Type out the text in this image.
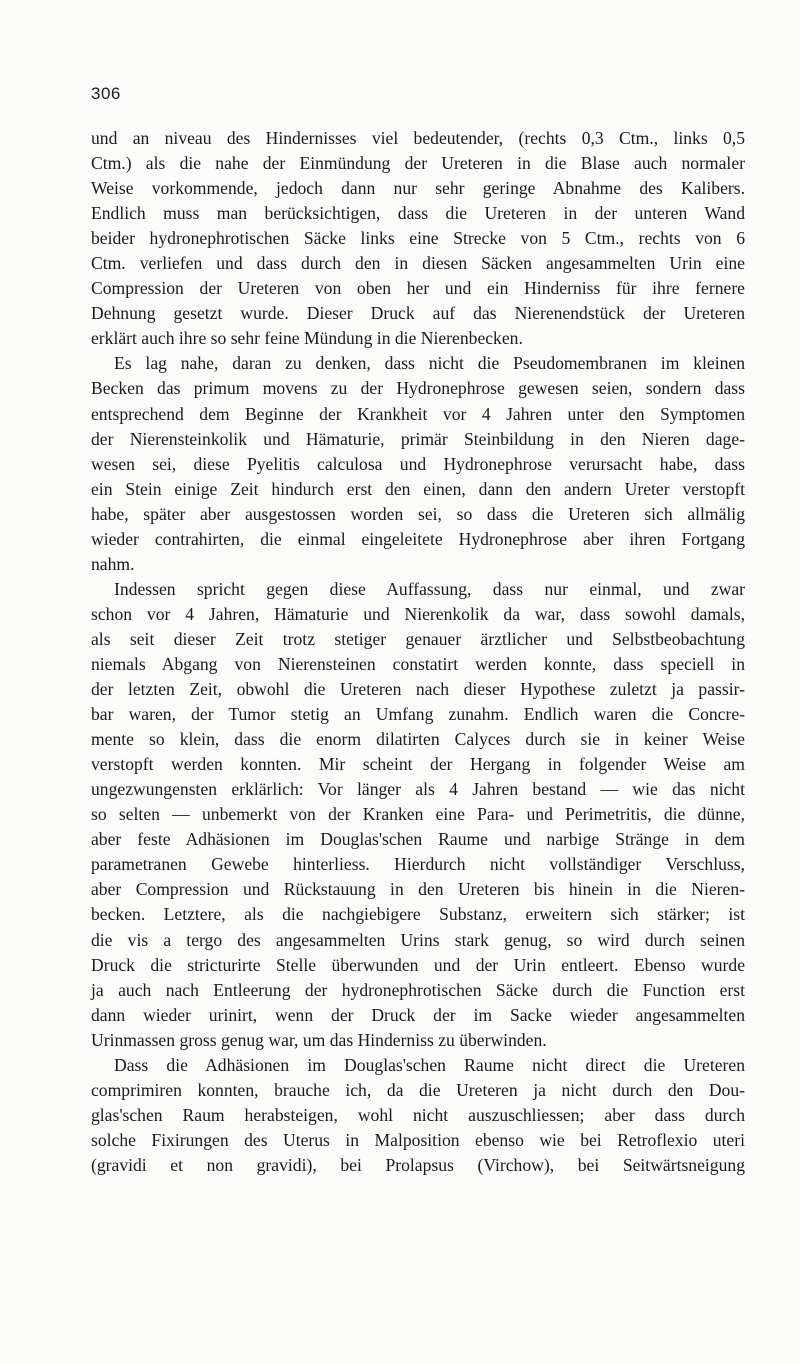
306
und an niveau des Hindernisses viel bedeutender, (rechts 0,3 Ctm., links 0,5
Ctm.) als die nahe der Einmündung der Ureteren in die Blase auch normaler
Weise vorkommende, jedoch dann nur sehr geringe Abnahme des Kalibers.
Endlich muss man berücksichtigen, dass die Ureteren in der unteren Wand
beider hydronephrotischen Säcke links eine Strecke von 5 Ctm., rechts von 6
Ctm. verliefen und dass durch den in diesen Säcken angesammelten Urin eine
Compression der Ureteren von oben her und ein Hinderniss für ihre fernere
Dehnung gesetzt wurde. Dieser Druck auf das Nierenendstück der Ureteren
erklärt auch ihre so sehr feine Mündung in die Nierenbecken.
Es lag nahe, daran zu denken, dass nicht die Pseudomembranen im kleinen
Becken das primum movens zu der Hydronephrose gewesen seien, sondern dass
entsprechend dem Beginne der Krankheit vor 4 Jahren unter den Symptomen
der Nierensteinkolik und Hämaturie, primär Steinbildung in den Nieren dage-
wesen sei, diese Pyelitis calculosa und Hydronephrose verursacht habe, dass
ein Stein einige Zeit hindurch erst den einen, dann den andern Ureter verstopft
habe, später aber ausgestossen worden sei, so dass die Ureteren sich allmälig
wieder contrahirten, die einmal eingeleitete Hydronephrose aber ihren Fortgang
nahm.
Indessen spricht gegen diese Auffassung, dass nur einmal, und zwar
schon vor 4 Jahren, Hämaturie und Nierenkolik da war, dass sowohl damals,
als seit dieser Zeit trotz stetiger genauer ärztlicher und Selbstbeobachtung
niemals Abgang von Nierensteinen constatirt werden konnte, dass speciell in
der letzten Zeit, obwohl die Ureteren nach dieser Hypothese zuletzt ja passir-
bar waren, der Tumor stetig an Umfang zunahm. Endlich waren die Concre-
mente so klein, dass die enorm dilatirten Calyces durch sie in keiner Weise
verstopft werden konnten. Mir scheint der Hergang in folgender Weise am
ungezwungensten erklärlich: Vor länger als 4 Jahren bestand — wie das nicht
so selten — unbemerkt von der Kranken eine Para- und Perimetritis, die dünne,
aber feste Adhäsionen im Douglas'schen Raume und narbige Stränge in dem
parametranen Gewebe hinterliess. Hierdurch nicht vollständiger Verschluss,
aber Compression und Rückstauung in den Ureteren bis hinein in die Nieren-
becken. Letztere, als die nachgiebigere Substanz, erweitern sich stärker; ist
die vis a tergo des angesammelten Urins stark genug, so wird durch seinen
Druck die stricturirte Stelle überwunden und der Urin entleert. Ebenso wurde
ja auch nach Entleerung der hydronephrotischen Säcke durch die Function erst
dann wieder urinirt, wenn der Druck der im Sacke wieder angesammelten
Urinmassen gross genug war, um das Hinderniss zu überwinden.
Dass die Adhäsionen im Douglas'schen Raume nicht direct die Ureteren
comprimiren konnten, brauche ich, da die Ureteren ja nicht durch den Dou-
glas'schen Raum herabsteigen, wohl nicht auszuschliessen; aber dass durch
solche Fixirungen des Uterus in Malposition ebenso wie bei Retroflexio uteri
(gravidi et non gravidi), bei Prolapsus (Virchow), bei Seitwärtsneigung
